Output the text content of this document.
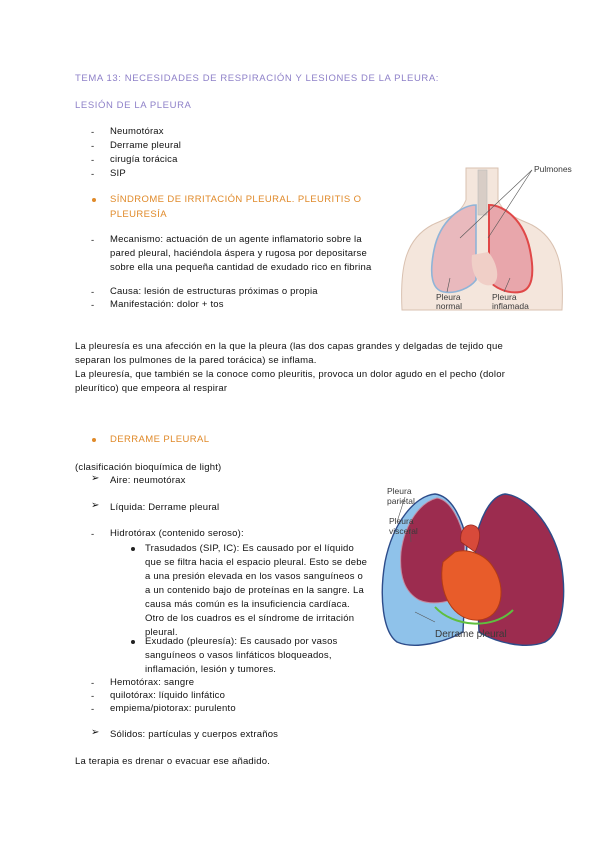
TEMA 13: NECESIDADES DE RESPIRACIÓN Y LESIONES DE LA PLEURA:
LESIÓN DE LA PLEURA
- Neumotórax
- Derrame pleural
- cirugía torácica
- SIP
SÍNDROME DE IRRITACIÓN PLEURAL. PLEURITIS O
PLEURESÍA
- Mecanismo: actuación de un agente inflamatorio sobre la
pared pleural, haciéndola áspera y rugosa por depositarse
sobre ella una pequeña cantidad de exudado rico en fibrina
- Causa: lesión de estructuras próximas o propia
- Manifestación: dolor + tos
Pulmones
Pleura
normal
Pleura
inflamada
La pleuresía es una afección en la que la pleura (las dos capas grandes y delgadas de tejido que
separan los pulmones de la pared torácica) se inflama.
La pleuresía, que también se la conoce como pleuritis, provoca un dolor agudo en el pecho (dolor
pleurítico) que empeora al respirar
DERRAME PLEURAL
(clasificación bioquímica de light)
➢ Aire: neumotórax
➢ Líquida: Derrame pleural
- Hidrotórax (contenido seroso):
Trasudados (SIP, IC): Es causado por el líquido
que se filtra hacia el espacio pleural. Esto se debe
a una presión elevada en los vasos sanguíneos o
a un contenido bajo de proteínas en la sangre. La
causa más común es la insuficiencia cardíaca.
Otro de los cuadros es el síndrome de irritación
pleural.
Exudado (pleuresía): Es causado por vasos
sanguíneos o vasos linfáticos bloqueados,
inflamación, lesión y tumores.
- Hemotórax: sangre
- quilotórax: líquido linfático
- empiema/piotorax: purulento
➢ Sólidos: partículas y cuerpos extraños
La terapia es drenar o evacuar ese añadido.
Pleura
parietal
Pleura
visceral
Derrame pleural
